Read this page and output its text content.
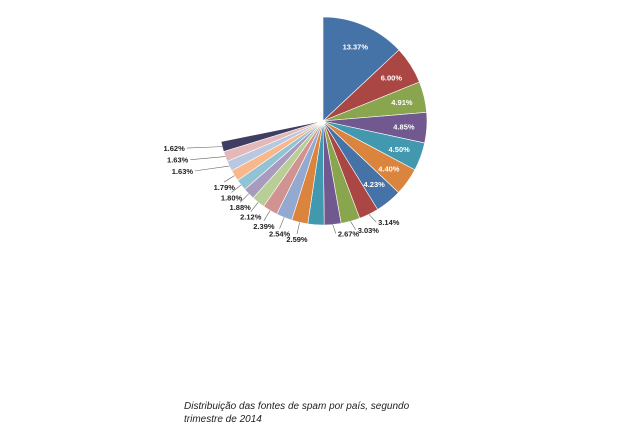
13.37%
6.00%
4.91%
4.85%
4.50%
4.40%
4.23%
3.14%
3.03%
2.67%
2.59%
2.54%
2.39%
2.12%
1.88%
1.80%
1.79%
1.63%
1.63%
1.62%
Distribuição das fontes de spam por país, segundo
trimestre de 2014
